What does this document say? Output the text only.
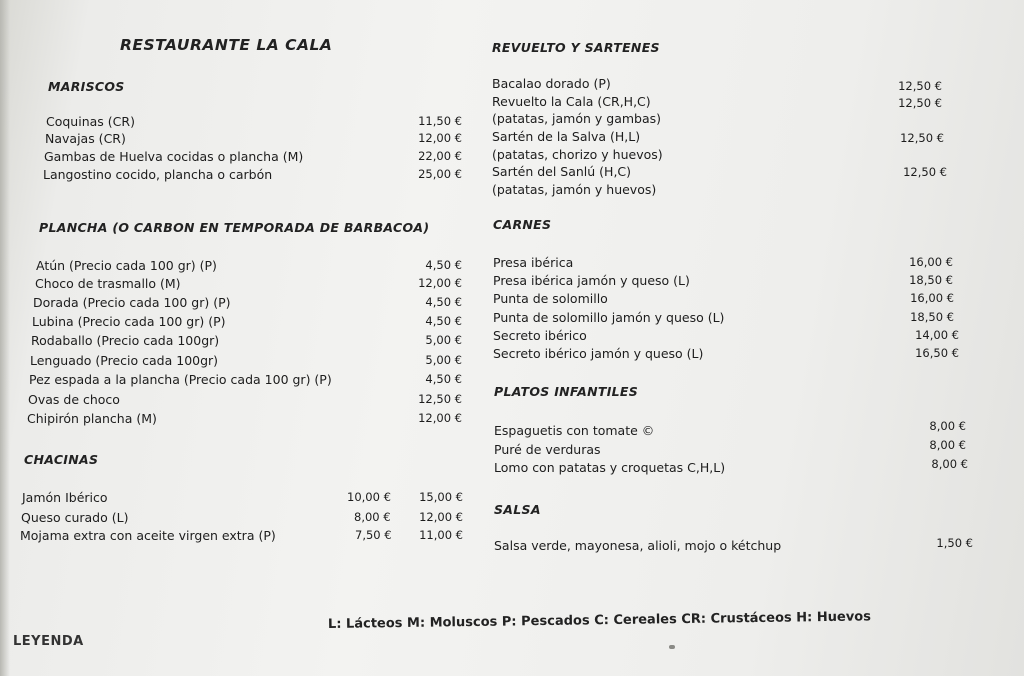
RESTAURANTE LA CALA
MARISCOS
Coquinas (CR)	11,50 €
Navajas (CR)	12,00 €
Gambas de Huelva cocidas o plancha (M)	22,00 €
Langostino cocido, plancha o carbón	25,00 €
PLANCHA (O CARBON EN TEMPORADA DE BARBACOA)
Atún (Precio cada 100 gr) (P)	4,50 €
Choco de trasmallo (M)	12,00 €
Dorada (Precio cada 100 gr) (P)	4,50 €
Lubina (Precio cada 100 gr) (P)	4,50 €
Rodaballo (Precio cada 100gr)	5,00 €
Lenguado (Precio cada 100gr)	5,00 €
Pez espada a la plancha (Precio cada 100 gr) (P)	4,50 €
Ovas de choco	12,50 €
Chipirón plancha (M)	12,00 €
CHACINAS
Jamón Ibérico	10,00 € 15,00 €
Queso curado (L)	8,00 € 12,00 €
Mojama extra con aceite virgen extra (P)	7,50 € 11,00 €
REVUELTO Y SARTENES
Bacalao dorado (P)	12,50 €
Revuelto la Cala (CR,H,C)	12,50 €
(patatas, jamón y gambas)
Sartén de la Salva (H,L)	12,50 €
(patatas, chorizo y huevos)
Sartén del Sanlú (H,C)	12,50 €
(patatas, jamón y huevos)
CARNES
Presa ibérica	16,00 €
Presa ibérica jamón y queso (L)	18,50 €
Punta de solomillo	16,00 €
Punta de solomillo jamón y queso (L)	18,50 €
Secreto ibérico	14,00 €
Secreto ibérico jamón y queso (L)	16,50 €
PLATOS INFANTILES
Espaguetis con tomate ©	8,00 €
Puré de verduras	8,00 €
Lomo con patatas y croquetas C,H,L)	8,00 €
SALSA
Salsa verde, mayonesa, alioli, mojo o kétchup	1,50 €
LEYENDA
L: Lácteos M: Moluscos P: Pescados C: Cereales CR: Crustáceos H: Huevos
